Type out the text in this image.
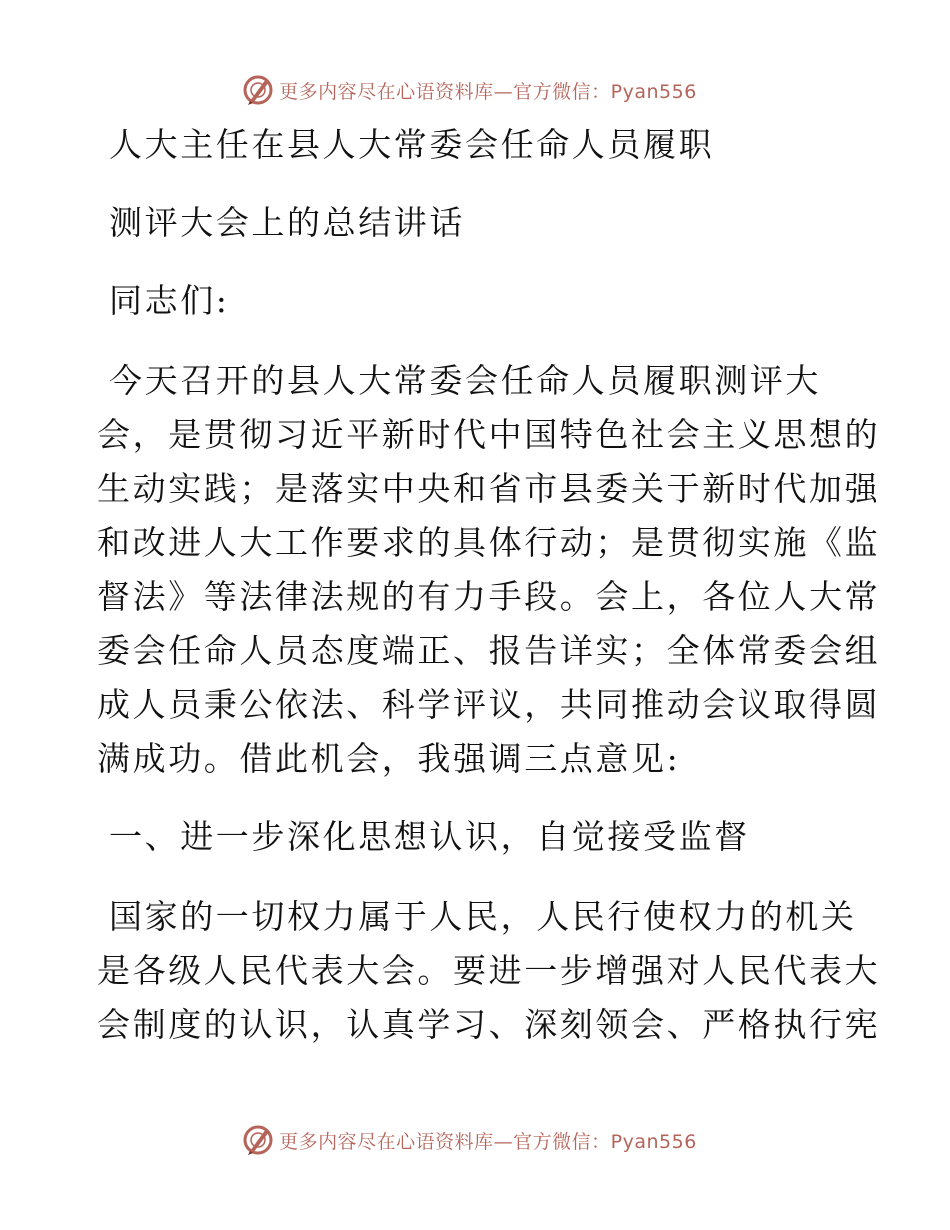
更多内容尽在心语资料库—官方微信：Pyan556
人大主任在县人大常委会任命人员履职
测评大会上的总结讲话
同志们:
今天召开的县人大常委会任命人员履职测评大
会，是贯彻习近平新时代中国特色社会主义思想的
生动实践；是落实中央和省市县委关于新时代加强
和改进人大工作要求的具体行动；是贯彻实施《监
督法》等法律法规的有力手段。会上，各位人大常
委会任命人员态度端正、报告详实；全体常委会组
成人员秉公依法、科学评议，共同推动会议取得圆
满成功。借此机会，我强调三点意见:
一、进一步深化思想认识，自觉接受监督
国家的一切权力属于人民，人民行使权力的机关
是各级人民代表大会。要进一步增强对人民代表大
会制度的认识，认真学习、深刻领会、严格执行宪
更多内容尽在心语资料库—官方微信：Pyan556
